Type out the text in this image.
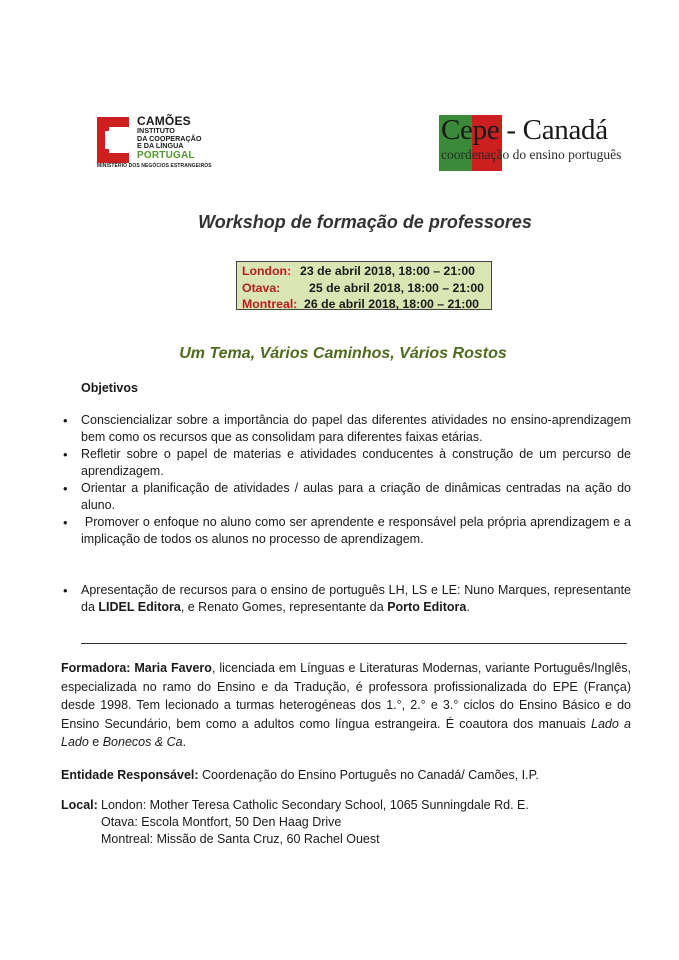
CAMÕES
INSTITUTO
DA COOPERAÇÃO
E DA LÍNGUA
PORTUGAL
MINISTÉRIO DOS NEGÓCIOS ESTRANGEIROS
Cepe - Canadá
coordenação do ensino português
Workshop de formação de professores
London: 23 de abril 2018, 18:00 – 21:00
Otava: 25 de abril 2018, 18:00 – 21:00
Montreal: 26 de abril 2018, 18:00 – 21:00
Um Tema, Vários Caminhos, Vários Rostos
Objetivos
• Consciencializar sobre a importância do papel das diferentes atividades no ensino-aprendizagem bem como os recursos que as consolidam para diferentes faixas etárias.
• Refletir sobre o papel de materias e atividades conducentes à construção de um percurso de aprendizagem.
• Orientar a planificação de atividades / aulas para a criação de dinâmicas centradas na ação do aluno.
• Promover o enfoque no aluno como ser aprendente e responsável pela própria aprendizagem e a implicação de todos os alunos no processo de aprendizagem.
• Apresentação de recursos para o ensino de português LH, LS e LE: Nuno Marques, representante da LIDEL Editora, e Renato Gomes, representante da Porto Editora.
Formadora: Maria Favero, licenciada em Línguas e Literaturas Modernas, variante Português/Inglês, especializada no ramo do Ensino e da Tradução, é professora profissionalizada do EPE (França) desde 1998. Tem lecionado a turmas heterogéneas dos 1.°, 2.° e 3.° ciclos do Ensino Básico e do Ensino Secundário, bem como a adultos como língua estrangeira. É coautora dos manuais Lado a Lado e Bonecos & Ca.
Entidade Responsável: Coordenação do Ensino Português no Canadá/ Camões, I.P.
Local: London: Mother Teresa Catholic Secondary School, 1065 Sunningdale Rd. E.
Otava: Escola Montfort, 50 Den Haag Drive
Montreal: Missão de Santa Cruz, 60 Rachel Ouest
